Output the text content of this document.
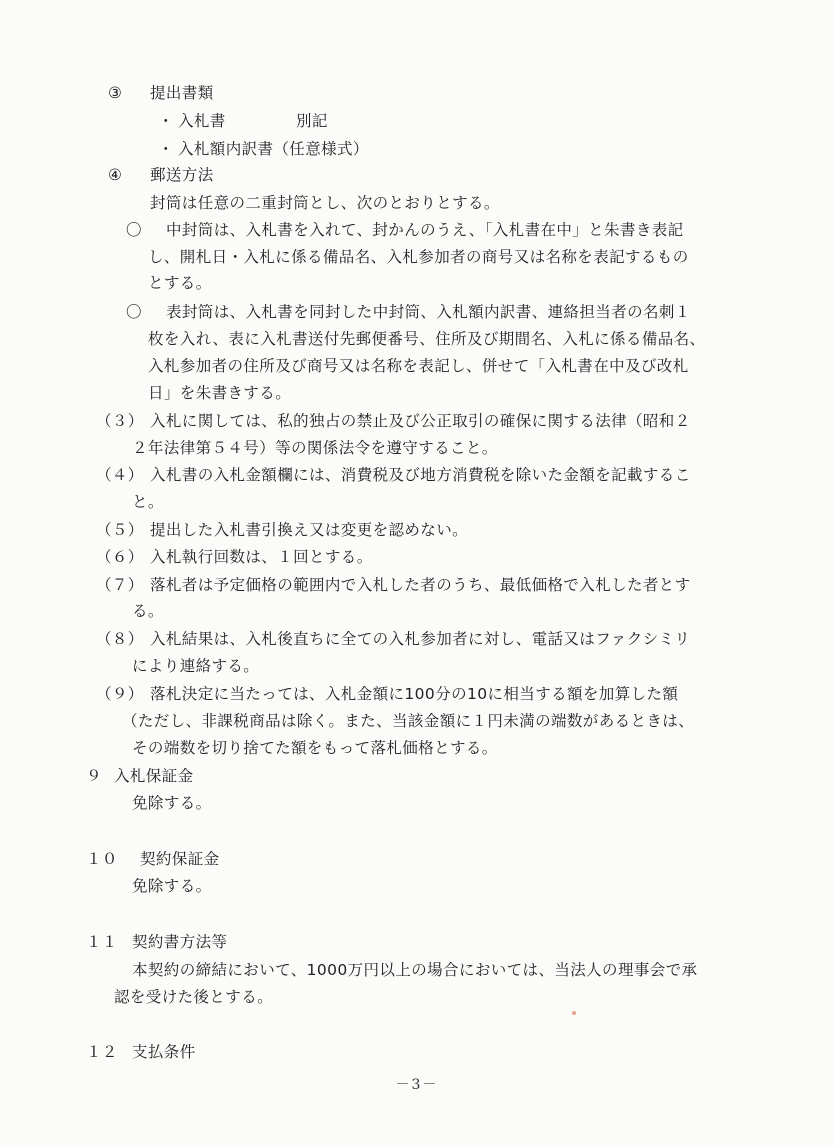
③ 提出書類
・ 入札書	別記
・ 入札額内訳書（任意様式）
④ 郵送方法
封筒は任意の二重封筒とし、次のとおりとする。
〇 中封筒は、入札書を入れて、封かんのうえ、「入札書在中」と朱書き表記
し、開札日・入札に係る備品名、入札参加者の商号又は名称を表記するもの
とする。
〇 表封筒は、入札書を同封した中封筒、入札額内訳書、連絡担当者の名刺１
枚を入れ、表に入札書送付先郵便番号、住所及び期間名、入札に係る備品名、
入札参加者の住所及び商号又は名称を表記し、併せて「入札書在中及び改札
日」を朱書きする。
（３） 入札に関しては、私的独占の禁止及び公正取引の確保に関する法律（昭和２
２年法律第５４号）等の関係法令を遵守すること。
（４） 入札書の入札金額欄には、消費税及び地方消費税を除いた金額を記載するこ
と。
（５） 提出した入札書引換え又は変更を認めない。
（６） 入札執行回数は、１回とする。
（７） 落札者は予定価格の範囲内で入札した者のうち、最低価格で入札した者とす
る。
（８） 入札結果は、入札後直ちに全ての入札参加者に対し、電話又はファクシミリ
により連絡する。
（９） 落札決定に当たっては、入札金額に100分の10に相当する額を加算した額
（ただし、非課税商品は除く。また、当該金額に１円未満の端数があるときは、
その端数を切り捨てた額をもって落札価格とする。
９ 入札保証金
免除する。
１０ 契約保証金
免除する。
１１ 契約書方法等
本契約の締結において、1000万円以上の場合においては、当法人の理事会で承
認を受けた後とする。
１２ 支払条件
－3－
